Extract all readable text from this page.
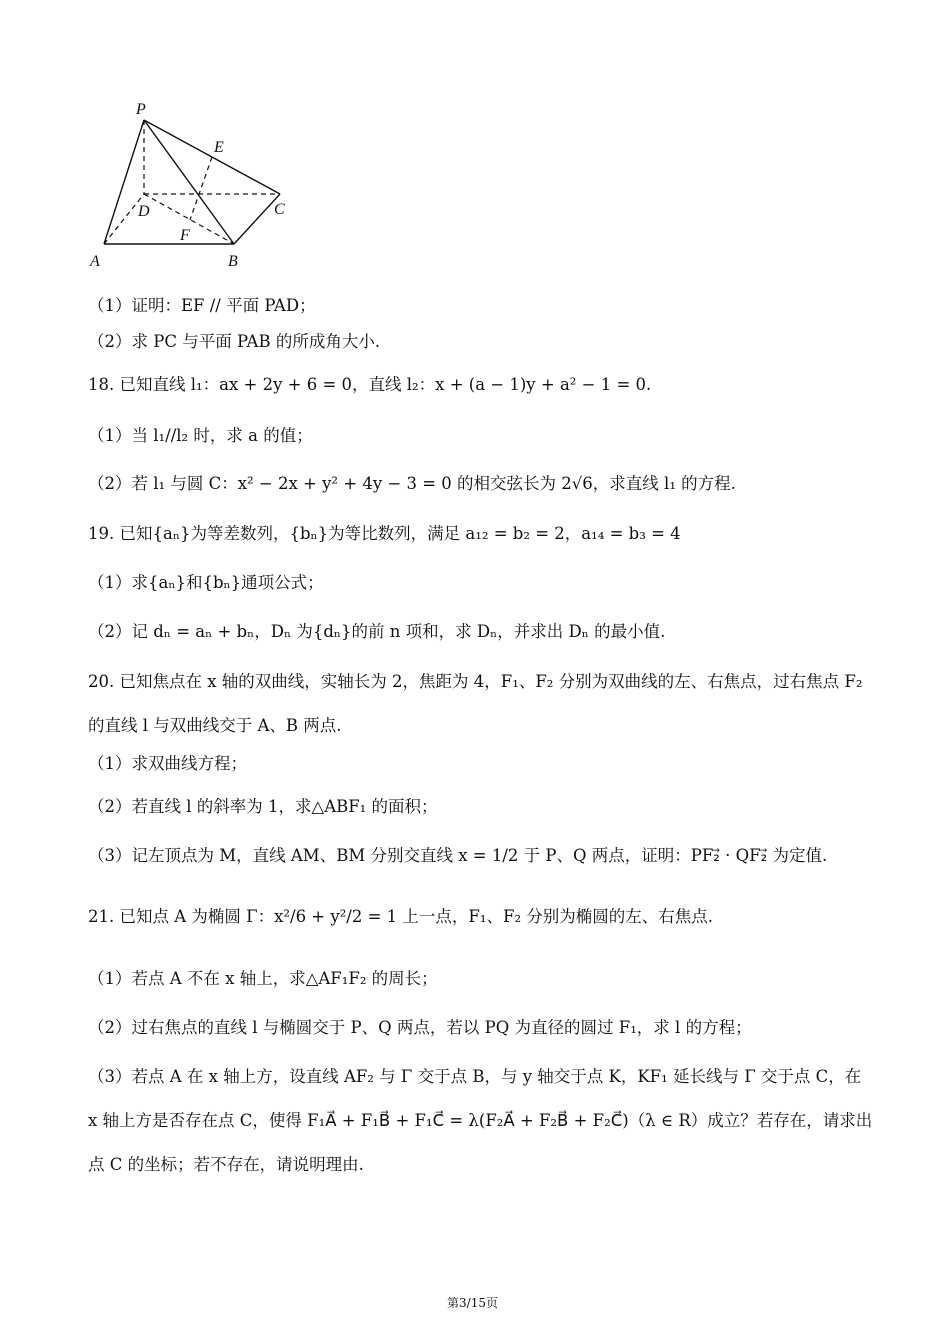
P
E
D	C
F
A	B
（1）证明：EF // 平面 PAD；
（2）求 PC 与平面 PAB 的所成角大小.
18. 已知直线 l₁：ax + 2y + 6 = 0，直线 l₂：x + (a − 1)y + a² − 1 = 0.
（1）当 l₁//l₂ 时，求 a 的值；
（2）若 l₁ 与圆 C：x² − 2x + y² + 4y − 3 = 0 的相交弦长为 2√6，求直线 l₁ 的方程.
19. 已知{aₙ}为等差数列，{bₙ}为等比数列，满足 a₁₂ = b₂ = 2，a₁₄ = b₃ = 4
（1）求{aₙ}和{bₙ}通项公式；
（2）记 dₙ = aₙ + bₙ，Dₙ 为{dₙ}的前 n 项和，求 Dₙ，并求出 Dₙ 的最小值.
20. 已知焦点在 x 轴的双曲线，实轴长为 2，焦距为 4，F₁、F₂ 分别为双曲线的左、右焦点，过右焦点 F₂ 的直线 l 与双曲线交于 A、B 两点.
（1）求双曲线方程；
（2）若直线 l 的斜率为 1，求△ABF₁ 的面积；
（3）记左顶点为 M，直线 AM、BM 分别交直线 x = 1/2 于 P、Q 两点，证明：PF₂⃗ · QF₂⃗ 为定值.
21. 已知点 A 为椭圆 Γ：x²/6 + y²/2 = 1 上一点，F₁、F₂ 分别为椭圆的左、右焦点.
（1）若点 A 不在 x 轴上，求△AF₁F₂ 的周长；
（2）过右焦点的直线 l 与椭圆交于 P、Q 两点，若以 PQ 为直径的圆过 F₁，求 l 的方程；
（3）若点 A 在 x 轴上方，设直线 AF₂ 与 Γ 交于点 B，与 y 轴交于点 K，KF₁ 延长线与 Γ 交于点 C，在 x 轴上方是否存在点 C，使得 F₁A⃗ + F₁B⃗ + F₁C⃗ = λ(F₂A⃗ + F₂B⃗ + F₂C⃗)（λ ∈ R）成立？若存在，请求出点 C 的坐标；若不存在，请说明理由.
第3/15页
